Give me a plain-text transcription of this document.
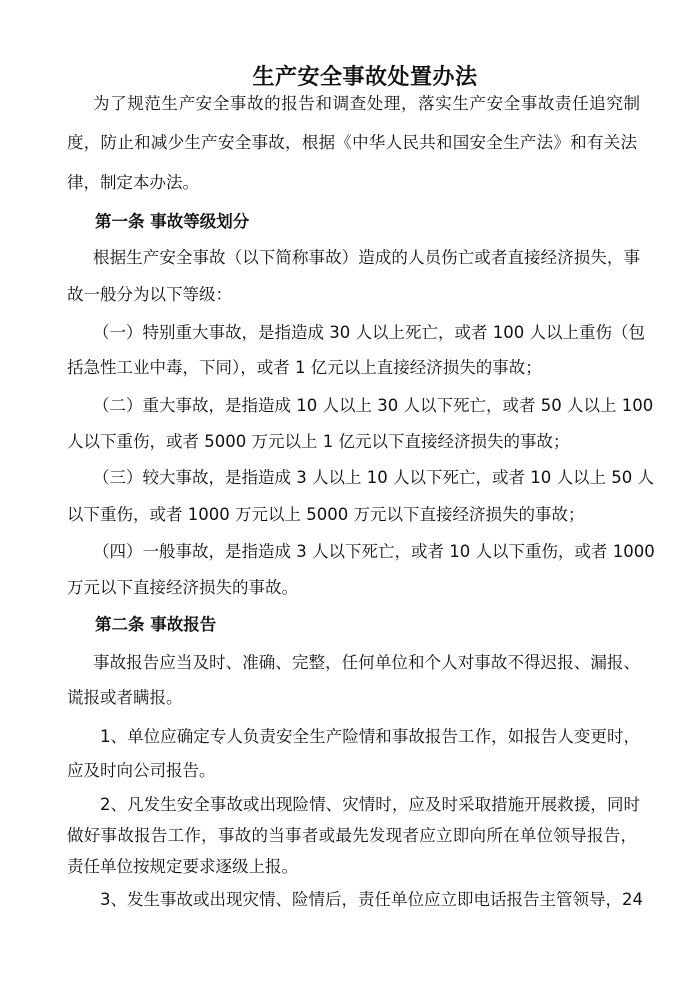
生产安全事故处置办法
为了规范生产安全事故的报告和调查处理，落实生产安全事故责任追究制
度，防止和减少生产安全事故，根据《中华人民共和国安全生产法》和有关法
律，制定本办法。
第一条 事故等级划分
根据生产安全事故（以下简称事故）造成的人员伤亡或者直接经济损失，事
故一般分为以下等级：
（一）特别重大事故，是指造成 30 人以上死亡，或者 100 人以上重伤（包
括急性工业中毒，下同），或者 1 亿元以上直接经济损失的事故；
（二）重大事故，是指造成 10 人以上 30 人以下死亡，或者 50 人以上 100
人以下重伤，或者 5000 万元以上 1 亿元以下直接经济损失的事故；
（三）较大事故，是指造成 3 人以上 10 人以下死亡，或者 10 人以上 50 人
以下重伤，或者 1000 万元以上 5000 万元以下直接经济损失的事故；
（四）一般事故，是指造成 3 人以下死亡，或者 10 人以下重伤，或者 1000
万元以下直接经济损失的事故。
第二条 事故报告
事故报告应当及时、准确、完整，任何单位和个人对事故不得迟报、漏报、
谎报或者瞒报。
1、单位应确定专人负责安全生产险情和事故报告工作，如报告人变更时，
应及时向公司报告。
2、凡发生安全事故或出现险情、灾情时，应及时采取措施开展救援，同时
做好事故报告工作，事故的当事者或最先发现者应立即向所在单位领导报告，
责任单位按规定要求逐级上报。
3、发生事故或出现灾情、险情后，责任单位应立即电话报告主管领导，24
